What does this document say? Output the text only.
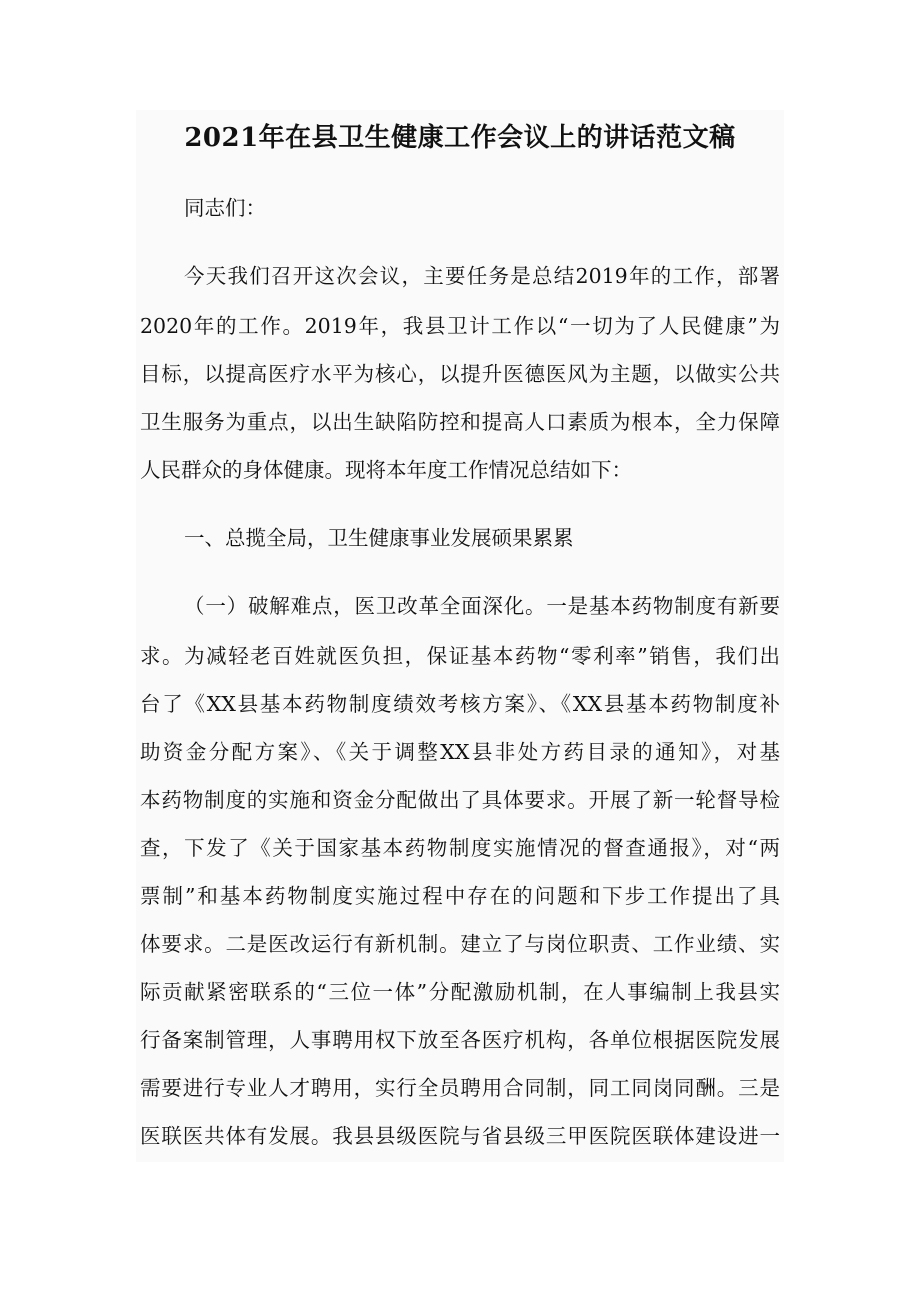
2021年在县卫生健康工作会议上的讲话范文稿
同志们：
今天我们召开这次会议，主要任务是总结2019年的工作，部署
2020年的工作。2019年，我县卫计工作以“一切为了人民健康”为
目标，以提高医疗水平为核心，以提升医德医风为主题，以做实公共
卫生服务为重点，以出生缺陷防控和提高人口素质为根本，全力保障
人民群众的身体健康。现将本年度工作情况总结如下：
一、总揽全局，卫生健康事业发展硕果累累
（一）破解难点，医卫改革全面深化。一是基本药物制度有新要
求。为减轻老百姓就医负担，保证基本药物“零利率”销售，我们出
台了《XX县基本药物制度绩效考核方案》、《XX县基本药物制度补
助资金分配方案》、《关于调整XX县非处方药目录的通知》，对基
本药物制度的实施和资金分配做出了具体要求。开展了新一轮督导检
查，下发了《关于国家基本药物制度实施情况的督查通报》，对“两
票制”和基本药物制度实施过程中存在的问题和下步工作提出了具
体要求。二是医改运行有新机制。建立了与岗位职责、工作业绩、实
际贡献紧密联系的“三位一体”分配激励机制，在人事编制上我县实
行备案制管理，人事聘用权下放至各医疗机构，各单位根据医院发展
需要进行专业人才聘用，实行全员聘用合同制，同工同岗同酬。三是
医联医共体有发展。我县县级医院与省县级三甲医院医联体建设进一
